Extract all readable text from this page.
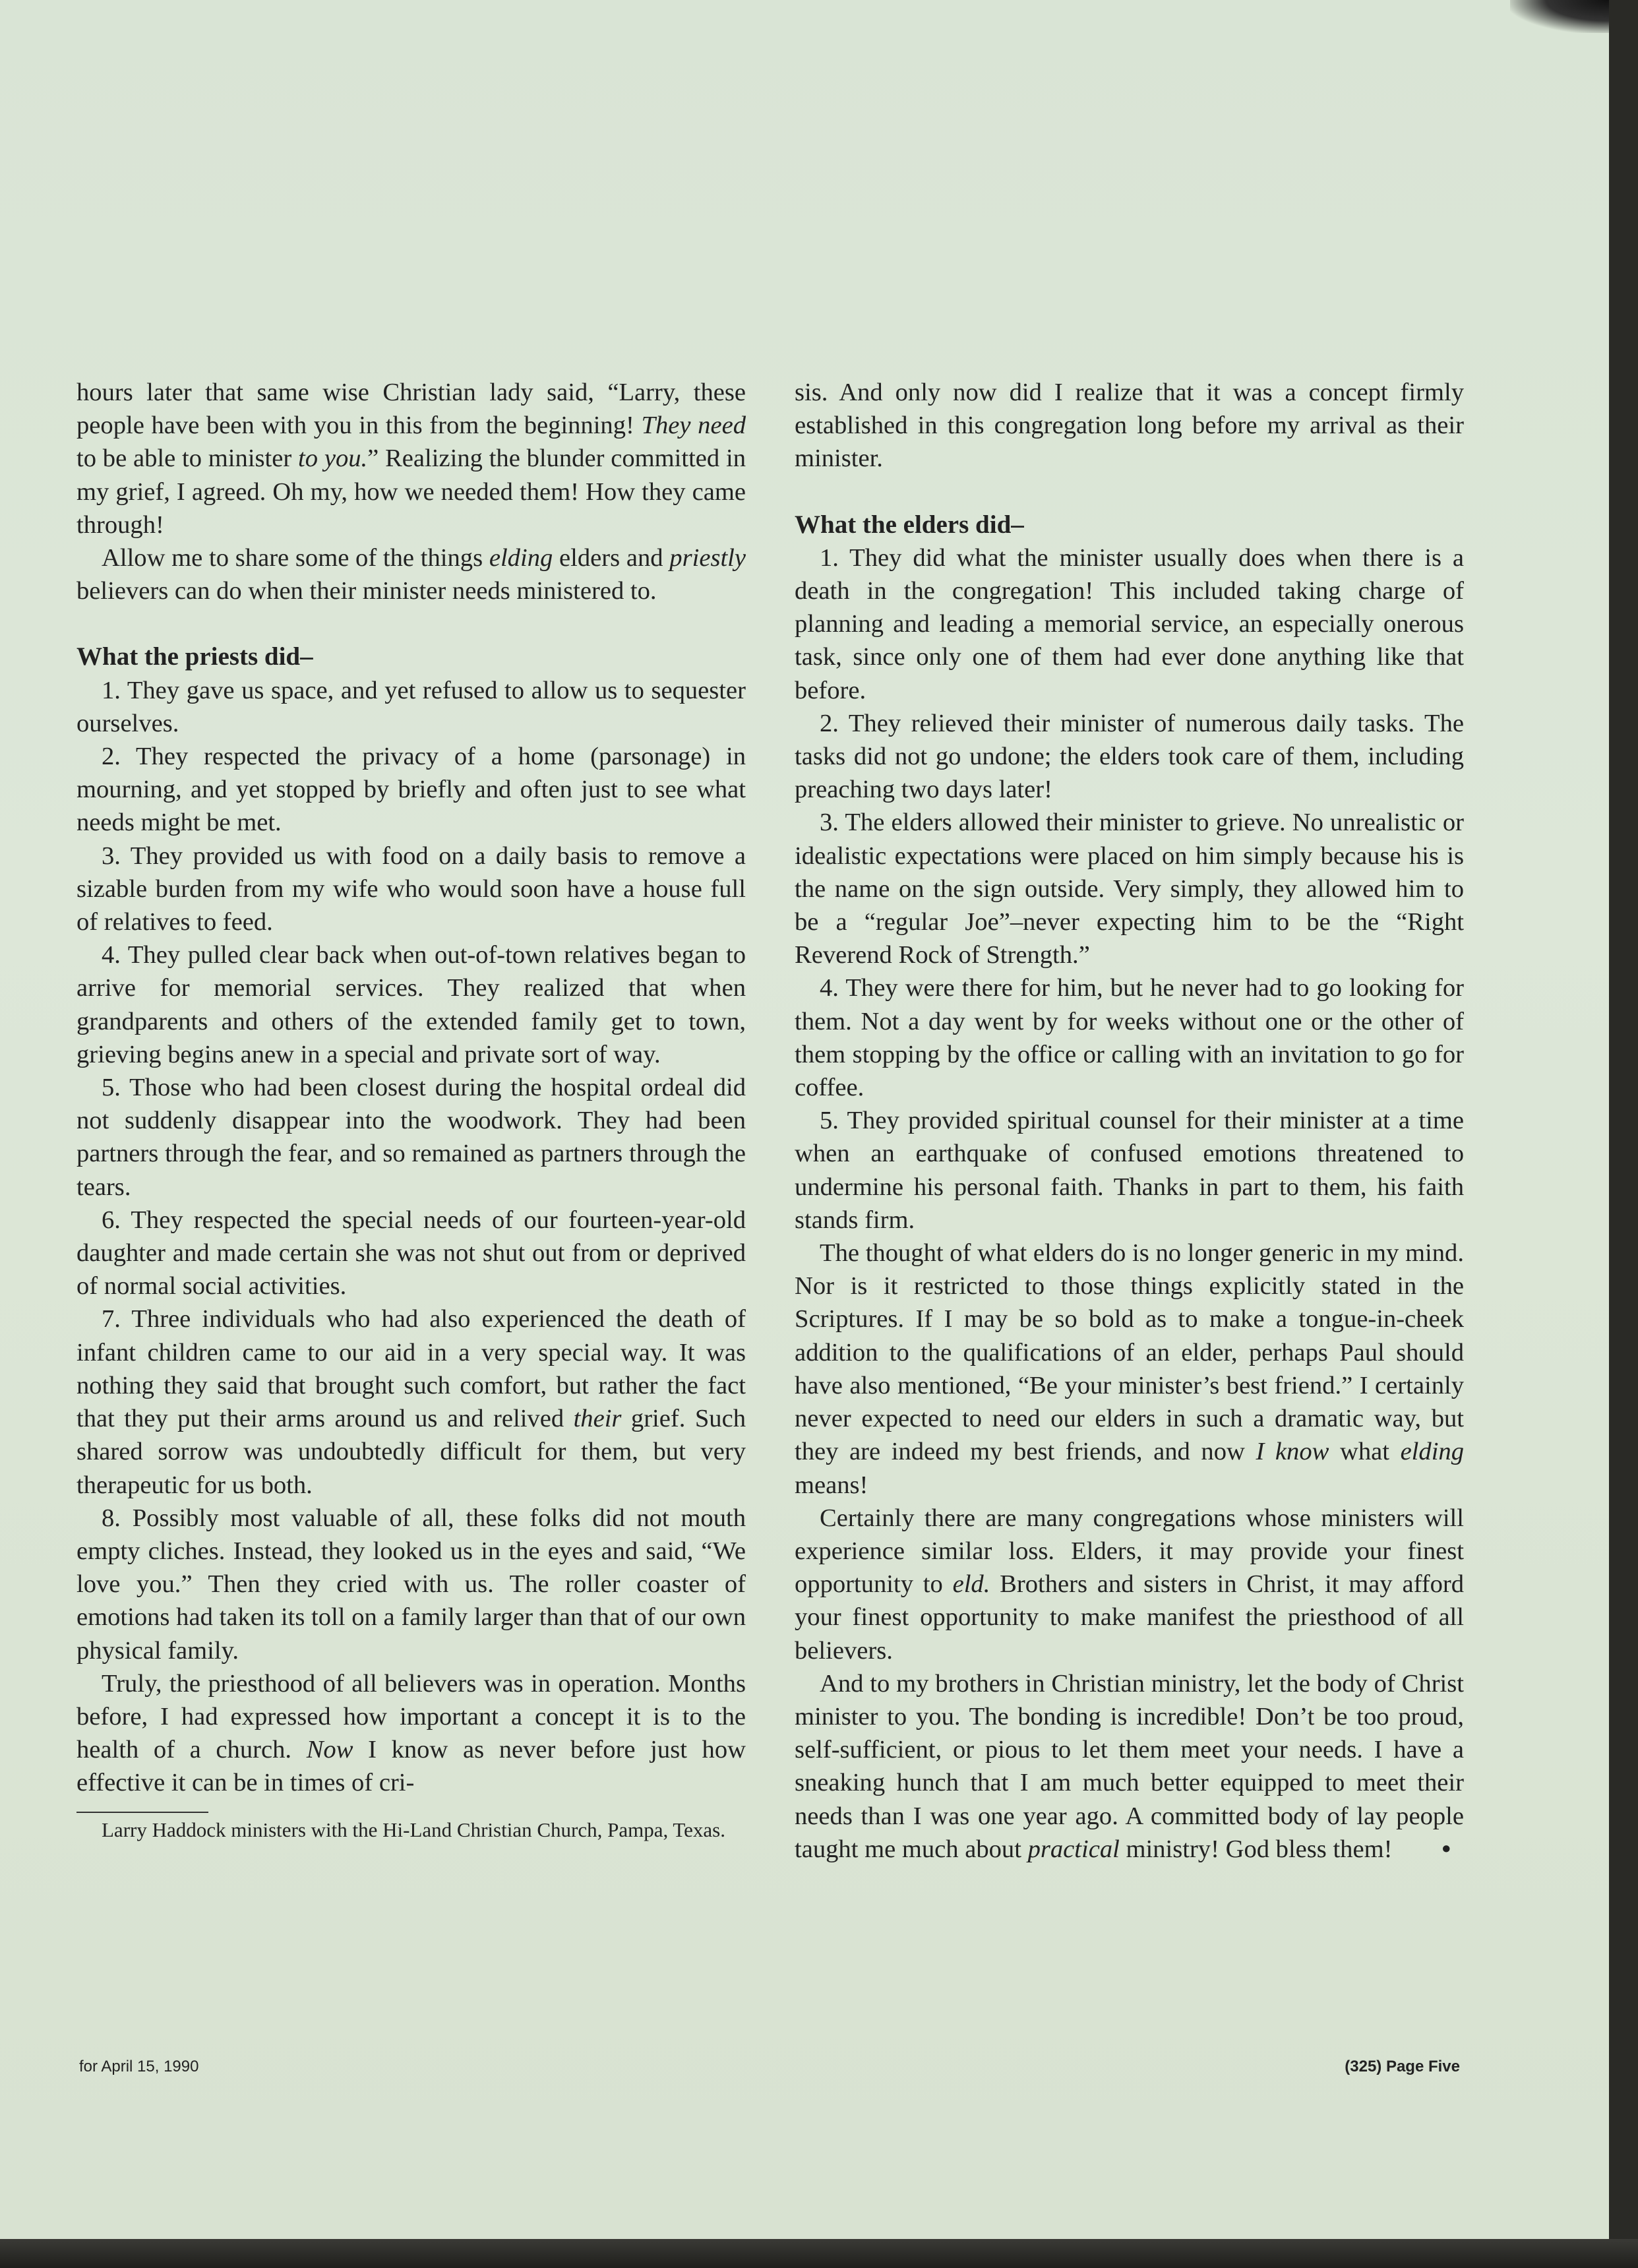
hours later that same wise Christian lady said, “Larry, these people have been with you in this from the beginning! They need to be able to minister to you.” Realizing the blunder committed in my grief, I agreed. Oh my, how we needed them! How they came through!

Allow me to share some of the things elding elders and priestly believers can do when their minister needs ministered to.

What the priests did–

1. They gave us space, and yet refused to allow us to sequester ourselves.

2. They respected the privacy of a home (parsonage) in mourning, and yet stopped by briefly and often just to see what needs might be met.

3. They provided us with food on a daily basis to remove a sizable burden from my wife who would soon have a house full of relatives to feed.

4. They pulled clear back when out-of-town relatives began to arrive for memorial services. They realized that when grandparents and others of the extended family get to town, grieving begins anew in a special and private sort of way.

5. Those who had been closest during the hospital ordeal did not suddenly disappear into the woodwork. They had been partners through the fear, and so remained as partners through the tears.

6. They respected the special needs of our fourteen-year-old daughter and made certain she was not shut out from or deprived of normal social activities.

7. Three individuals who had also experienced the death of infant children came to our aid in a very special way. It was nothing they said that brought such comfort, but rather the fact that they put their arms around us and relived their grief. Such shared sorrow was undoubtedly difficult for them, but very therapeutic for us both.

8. Possibly most valuable of all, these folks did not mouth empty cliches. Instead, they looked us in the eyes and said, “We love you.” Then they cried with us. The roller coaster of emotions had taken its toll on a family larger than that of our own physical family.

Truly, the priesthood of all believers was in operation. Months before, I had expressed how important a concept it is to the health of a church. Now I know as never before just how effective it can be in times of cri-

Larry Haddock ministers with the Hi-Land Christian Church, Pampa, Texas.

sis. And only now did I realize that it was a concept firmly established in this congregation long before my arrival as their minister.

What the elders did–

1. They did what the minister usually does when there is a death in the congregation! This included taking charge of planning and leading a memorial service, an especially onerous task, since only one of them had ever done anything like that before.

2. They relieved their minister of numerous daily tasks. The tasks did not go undone; the elders took care of them, including preaching two days later!

3. The elders allowed their minister to grieve. No unrealistic or idealistic expectations were placed on him simply because his is the name on the sign outside. Very simply, they allowed him to be a “regular Joe”–never expecting him to be the “Right Reverend Rock of Strength.”

4. They were there for him, but he never had to go looking for them. Not a day went by for weeks without one or the other of them stopping by the office or calling with an invitation to go for coffee.

5. They provided spiritual counsel for their minister at a time when an earthquake of confused emotions threatened to undermine his personal faith. Thanks in part to them, his faith stands firm.

The thought of what elders do is no longer generic in my mind. Nor is it restricted to those things explicitly stated in the Scriptures. If I may be so bold as to make a tongue-in-cheek addition to the qualifications of an elder, perhaps Paul should have also mentioned, “Be your minister’s best friend.” I certainly never expected to need our elders in such a dramatic way, but they are indeed my best friends, and now I know what elding means!

Certainly there are many congregations whose ministers will experience similar loss. Elders, it may provide your finest opportunity to eld. Brothers and sisters in Christ, it may afford your finest opportunity to make manifest the priesthood of all believers.

And to my brothers in Christian ministry, let the body of Christ minister to you. The bonding is incredible! Don’t be too proud, self-sufficient, or pious to let them meet your needs. I have a sneaking hunch that I am much better equipped to meet their needs than I was one year ago. A committed body of lay people taught me much about practical ministry! God bless them!	•

for April 15, 1990	(325) Page Five
